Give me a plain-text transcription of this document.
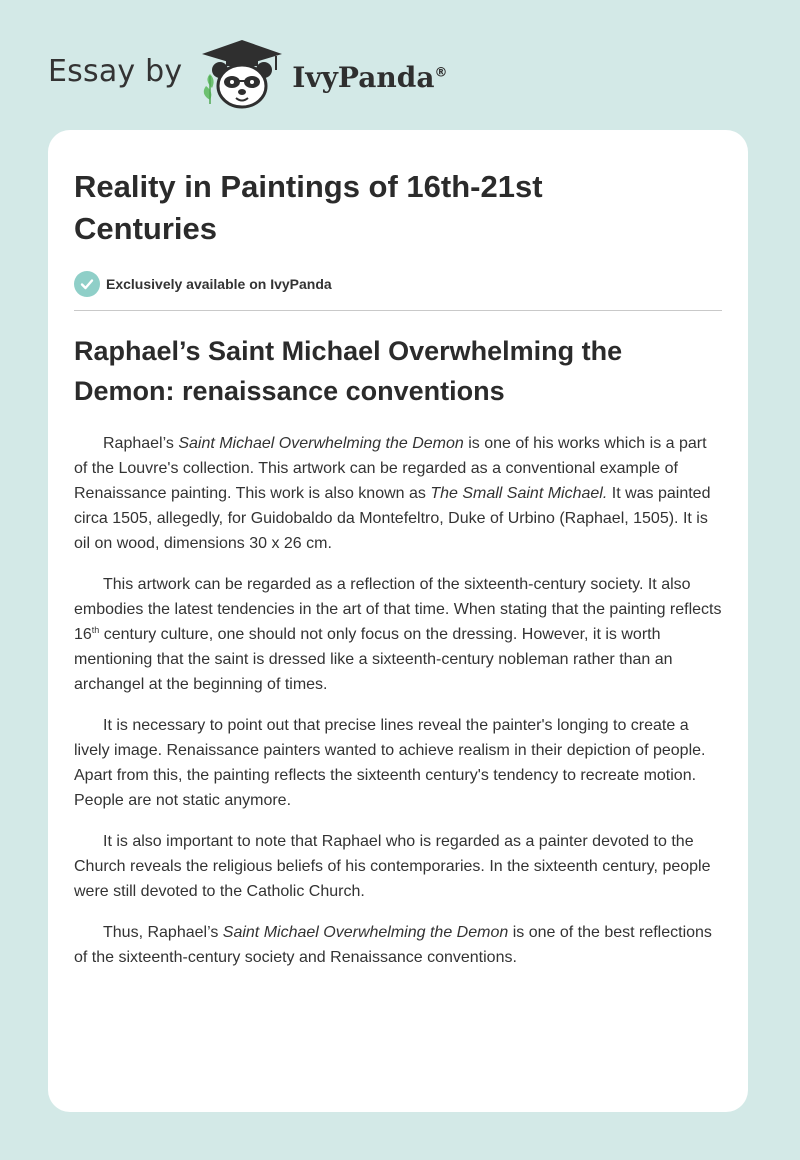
Essay by	IvyPanda®
Reality in Paintings of 16th-21st Centuries
Exclusively available on IvyPanda
Raphael’s Saint Michael Overwhelming the Demon: renaissance conventions

Raphael’s Saint Michael Overwhelming the Demon is one of his works which is a part of the Louvre's collection. This artwork can be regarded as a conventional example of Renaissance painting. This work is also known as The Small Saint Michael. It was painted circa 1505, allegedly, for Guidobaldo da Montefeltro, Duke of Urbino (Raphael, 1505). It is oil on wood, dimensions 30 x 26 cm.

This artwork can be regarded as a reflection of the sixteenth-century society. It also embodies the latest tendencies in the art of that time. When stating that the painting reflects 16th century culture, one should not only focus on the dressing. However, it is worth mentioning that the saint is dressed like a sixteenth-century nobleman rather than an archangel at the beginning of times.

It is necessary to point out that precise lines reveal the painter's longing to create a lively image. Renaissance painters wanted to achieve realism in their depiction of people. Apart from this, the painting reflects the sixteenth century's tendency to recreate motion. People are not static anymore.

It is also important to note that Raphael who is regarded as a painter devoted to the Church reveals the religious beliefs of his contemporaries. In the sixteenth century, people were still devoted to the Catholic Church.

Thus, Raphael’s Saint Michael Overwhelming the Demon is one of the best reflections of the sixteenth-century society and Renaissance conventions.
